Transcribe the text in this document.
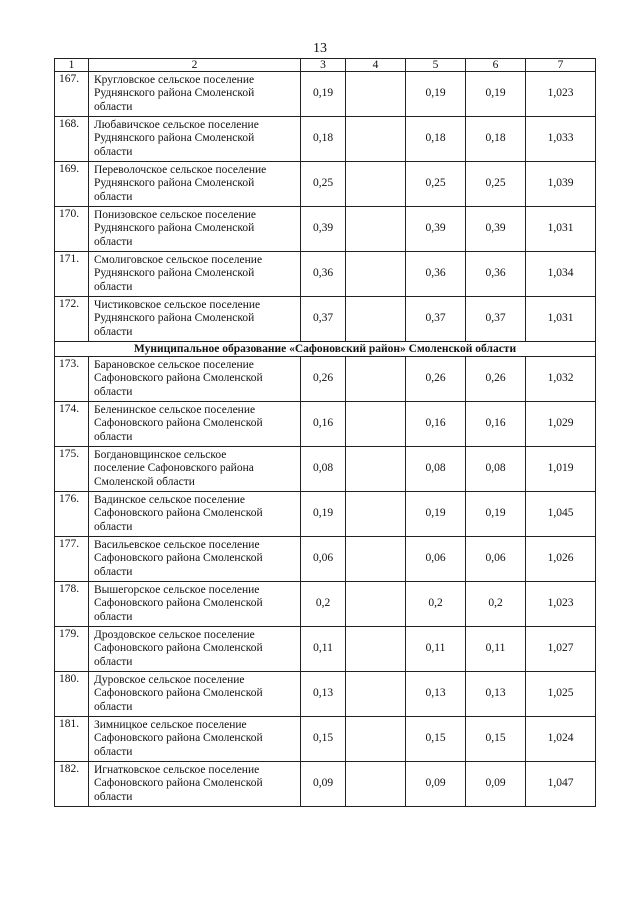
13
1	2	3	4	5	6	7
167.	Кругловское сельское поселение
Руднянского района Смоленской
области	0,19		0,19	0,19	1,023
168.	Любавичское сельское поселение
Руднянского района Смоленской
области	0,18		0,18	0,18	1,033
169.	Переволочское сельское поселение
Руднянского района Смоленской
области	0,25		0,25	0,25	1,039
170.	Понизовское сельское поселение
Руднянского района Смоленской
области	0,39		0,39	0,39	1,031
171.	Смолиговское сельское поселение
Руднянского района Смоленской
области	0,36		0,36	0,36	1,034
172.	Чистиковское сельское поселение
Руднянского района Смоленской
области	0,37		0,37	0,37	1,031
Муниципальное образование «Сафоновский район» Смоленской области						
173.	Барановское сельское поселение
Сафоновского района Смоленской
области	0,26		0,26	0,26	1,032
174.	Беленинское сельское поселение
Сафоновского района Смоленской
области	0,16		0,16	0,16	1,029
175.	Богдановщинское сельское
поселение Сафоновского района
Смоленской области	0,08		0,08	0,08	1,019
176.	Вадинское сельское поселение
Сафоновского района Смоленской
области	0,19		0,19	0,19	1,045
177.	Васильевское сельское поселение
Сафоновского района Смоленской
области	0,06		0,06	0,06	1,026
178.	Вышегорское сельское поселение
Сафоновского района Смоленской
области	0,2		0,2	0,2	1,023
179.	Дроздовское сельское поселение
Сафоновского района Смоленской
области	0,11		0,11	0,11	1,027
180.	Дуровское сельское поселение
Сафоновского района Смоленской
области	0,13		0,13	0,13	1,025
181.	Зимницкое сельское поселение
Сафоновского района Смоленской
области	0,15		0,15	0,15	1,024
182.	Игнатковское сельское поселение
Сафоновского района Смоленской
области	0,09		0,09	0,09	1,047
